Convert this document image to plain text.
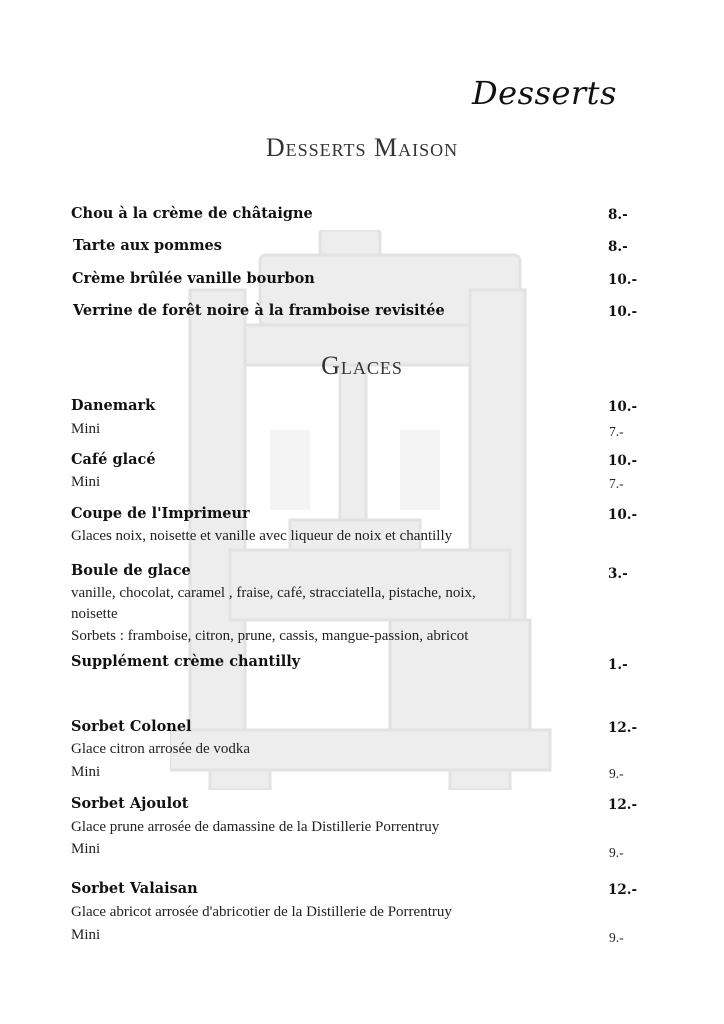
Desserts
Desserts Maison
Chou à la crème de châtaigne	8.-
Tarte aux pommes	8.-
Crème brûlée vanille bourbon	10.-
Verrine de forêt noire à la framboise revisitée	10.-
Glaces
Danemark	10.-
Mini	7.-
Café glacé	10.-
Mini	7.-
Coupe de l'Imprimeur	10.-
Glaces noix, noisette et vanille avec liqueur de noix et chantilly
Boule de glace	3.-
vanille, chocolat, caramel , fraise, café, stracciatella, pistache, noix,
noisette
Sorbets : framboise, citron, prune, cassis, mangue-passion, abricot
Supplément crème chantilly	1.-
Sorbet Colonel	12.-
Glace citron arrosée de vodka
Mini	9.-
Sorbet Ajoulot	12.-
Glace prune arrosée de damassine de la Distillerie Porrentruy
Mini	9.-
Sorbet Valaisan	12.-
Glace abricot arrosée d'abricotier de la Distillerie de Porrentruy
Mini	9.-
